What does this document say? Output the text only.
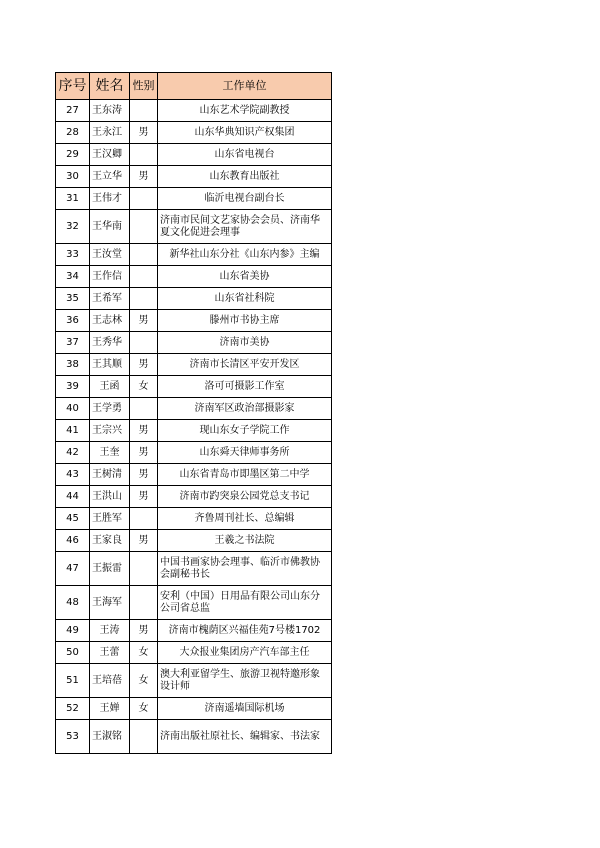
序号	姓名	性别	工作单位
27	王东涛		山东艺术学院副教授
28	王永江	男	山东华典知识产权集团
29	王汉卿		山东省电视台
30	王立华	男	山东教育出版社
31	王伟才		临沂电视台副台长
32	王华南		济南市民间文艺家协会会员、济南华夏文化促进会理事
33	王汝堂		新华社山东分社《山东内参》主编
34	王作信		山东省美协
35	王希军		山东省社科院
36	王志林	男	滕州市书协主席
37	王秀华		济南市美协
38	王其顺	男	济南市长清区平安开发区
39	王函	女	洛可可摄影工作室
40	王学勇		济南军区政治部摄影家
41	王宗兴	男	现山东女子学院工作
42	王奎	男	山东舜天律师事务所
43	王树清	男	山东省青岛市即墨区第二中学
44	王洪山	男	济南市趵突泉公园党总支书记
45	王胜军		齐鲁周刊社长、总编辑
46	王家良	男	王羲之书法院
47	王振雷		中国书画家协会理事、临沂市佛教协会副秘书长
48	王海军		安利（中国）日用品有限公司山东分公司省总监
49	王涛	男	济南市槐荫区兴福佳苑7号楼1702
50	王蕾	女	大众报业集团房产汽车部主任
51	王培蓓	女	澳大利亚留学生、旅游卫视特邀形象设计师
52	王婵	女	济南遥墙国际机场
53	王淑铭		济南出版社原社长、编辑家、书法家
